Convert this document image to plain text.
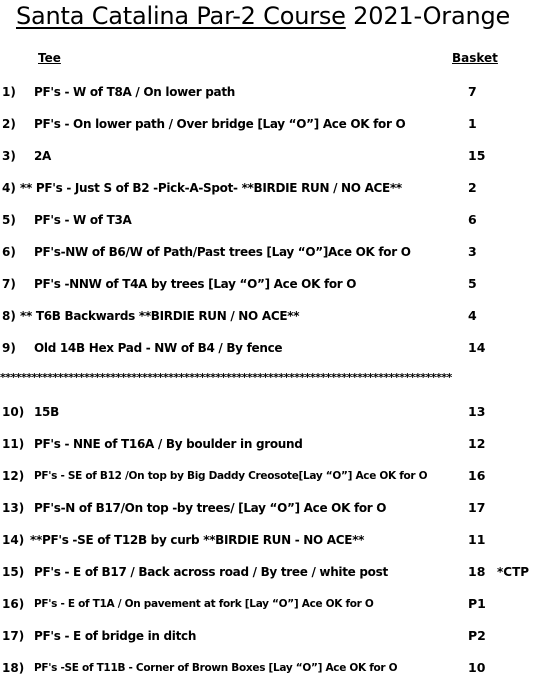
Santa Catalina Par-2 Course 2021-Orange
Tee	Basket
1) PF's - W of T8A / On lower path	7
2) PF's - On lower path / Over bridge [Lay “O”] Ace OK for O	1
3) 2A	15
4) ** PF's - Just S of B2 -Pick-A-Spot- **BIRDIE RUN / NO ACE**	2
5) PF's - W of T3A	6
6) PF's-NW of B6/W of Path/Past trees [Lay “O”]Ace OK for O	3
7) PF's -NNW of T4A by trees [Lay “O”] Ace OK for O	5
8) ** T6B Backwards **BIRDIE RUN / NO ACE**	4
9) Old 14B Hex Pad - NW of B4 / By fence	14
**************************************************************************************
10) 15B	13
11) PF's - NNE of T16A / By boulder in ground	12
12) PF's - SE of B12 /On top by Big Daddy Creosote[Lay “O”] Ace OK for O	16
13) PF's-N of B17/On top -by trees/ [Lay “O”] Ace OK for O	17
14) **PF's -SE of T12B by curb **BIRDIE RUN - NO ACE**	11
15) PF's - E of B17 / Back across road / By tree / white post	18 *CTP
16) PF's - E of T1A / On pavement at fork [Lay “O”] Ace OK for O	P1
17) PF's - E of bridge in ditch	P2
18) PF's -SE of T11B - Corner of Brown Boxes [Lay “O”] Ace OK for O	10
